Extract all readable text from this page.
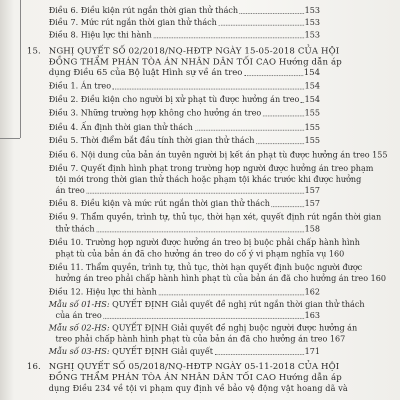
Điều 6. Điều kiện rút ngắn thời gian thử thách	153
Điều 7. Mức rút ngắn thời gian thử thách	153
Điều 8. Hiệu lực thi hành	153
15. NGHỊ QUYẾT SỐ 02/2018/NQ-HĐTP NGÀY 15-05-2018 CỦA HỘI
ĐỒNG THẨM PHÁN TÒA ÁN NHÂN DÂN TỐI CAO Hướng dẫn áp
dụng Điều 65 của Bộ luật Hình sự về án treo	154
Điều 1. Án treo	154
Điều 2. Điều kiện cho người bị xử phạt tù được hưởng án treo 154
Điều 3. Những trường hợp không cho hưởng án treo	155
Điều 4. Ấn định thời gian thử thách	155
Điều 5. Thời điểm bắt đầu tính thời gian thử thách	155
Điều 6. Nội dung của bản án tuyên người bị kết án phạt tù được hưởng án treo 155
Điều 7. Quyết định hình phạt trong trường hợp người được hưởng án treo phạm
tội mới trong thời gian thử thách hoặc phạm tội khác trước khi được hưởng
án treo	157
Điều 8. Điều kiện và mức rút ngắn thời gian thử thách	157
Điều 9. Thẩm quyền, trình tự, thủ tục, thời hạn xét, quyết định rút ngắn thời gian
thử thách	158
Điều 10. Trường hợp người được hưởng án treo bị buộc phải chấp hành hình
phạt tù của bản án đã cho hưởng án treo do cố ý vi phạm nghĩa vụ 160
Điều 11. Thẩm quyền, trình tự, thủ tục, thời hạn quyết định buộc người được
hưởng án treo phải chấp hành hình phạt tù của bản án đã cho hưởng án treo 160
Điều 12. Hiệu lực thi hành	162
Mẫu số 01-HS: QUYẾT ĐỊNH Giải quyết đề nghị rút ngắn thời gian thử thách
của án treo	163
Mẫu số 02-HS: QUYẾT ĐỊNH Giải quyết đề nghị buộc người được hưởng án
treo phải chấp hành hình phạt tù của bản án đã cho hưởng án treo 167
Mẫu số 03-HS: QUYẾT ĐỊNH Giải quyết	171
16. NGHỊ QUYẾT SỐ 05/2018/NQ-HĐTP NGÀY 05-11-2018 CỦA HỘI
ĐỒNG THẨM PHÁN TÒA ÁN NHÂN DÂN TỐI CAO Hướng dẫn áp
dụng Điều 234 về tội vi phạm quy định về bảo vệ động vật hoang dã và
